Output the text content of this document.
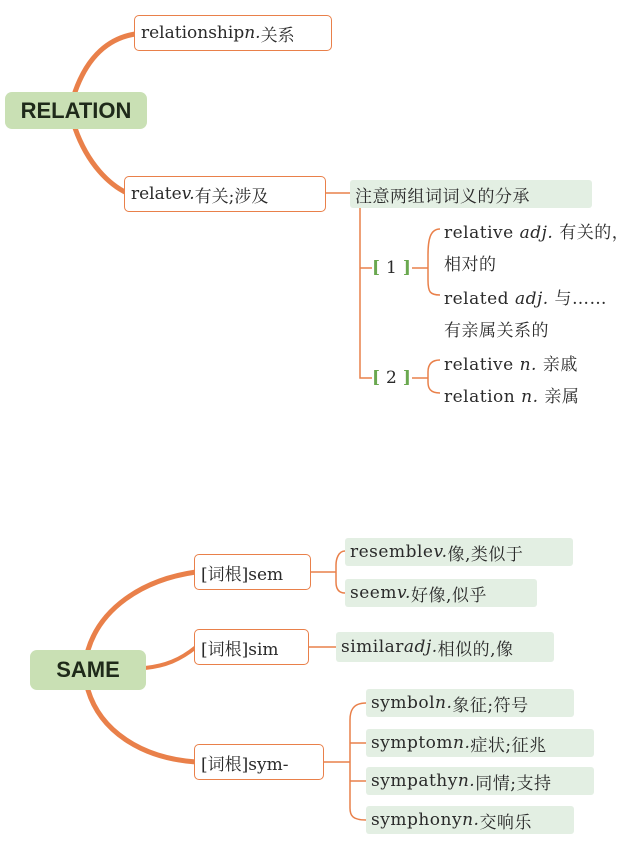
RELATION
relationship n. 关系
relate v. 有关;涉及	注意两组词词义的分承
[ 1 ]
relative adj. 有关的，
相对的
related adj. 与……
有亲属关系的
[ 2 ]
relative n. 亲戚
relation n. 亲属
SAME
[词根]sem
resemble v. 像,类似于
seem v. 好像,似乎
[词根]sim	similar adj. 相似的,像
[词根]sym-
symbol n. 象征;符号
symptom n. 症状;征兆
sympathy n. 同情;支持
symphony n. 交响乐
